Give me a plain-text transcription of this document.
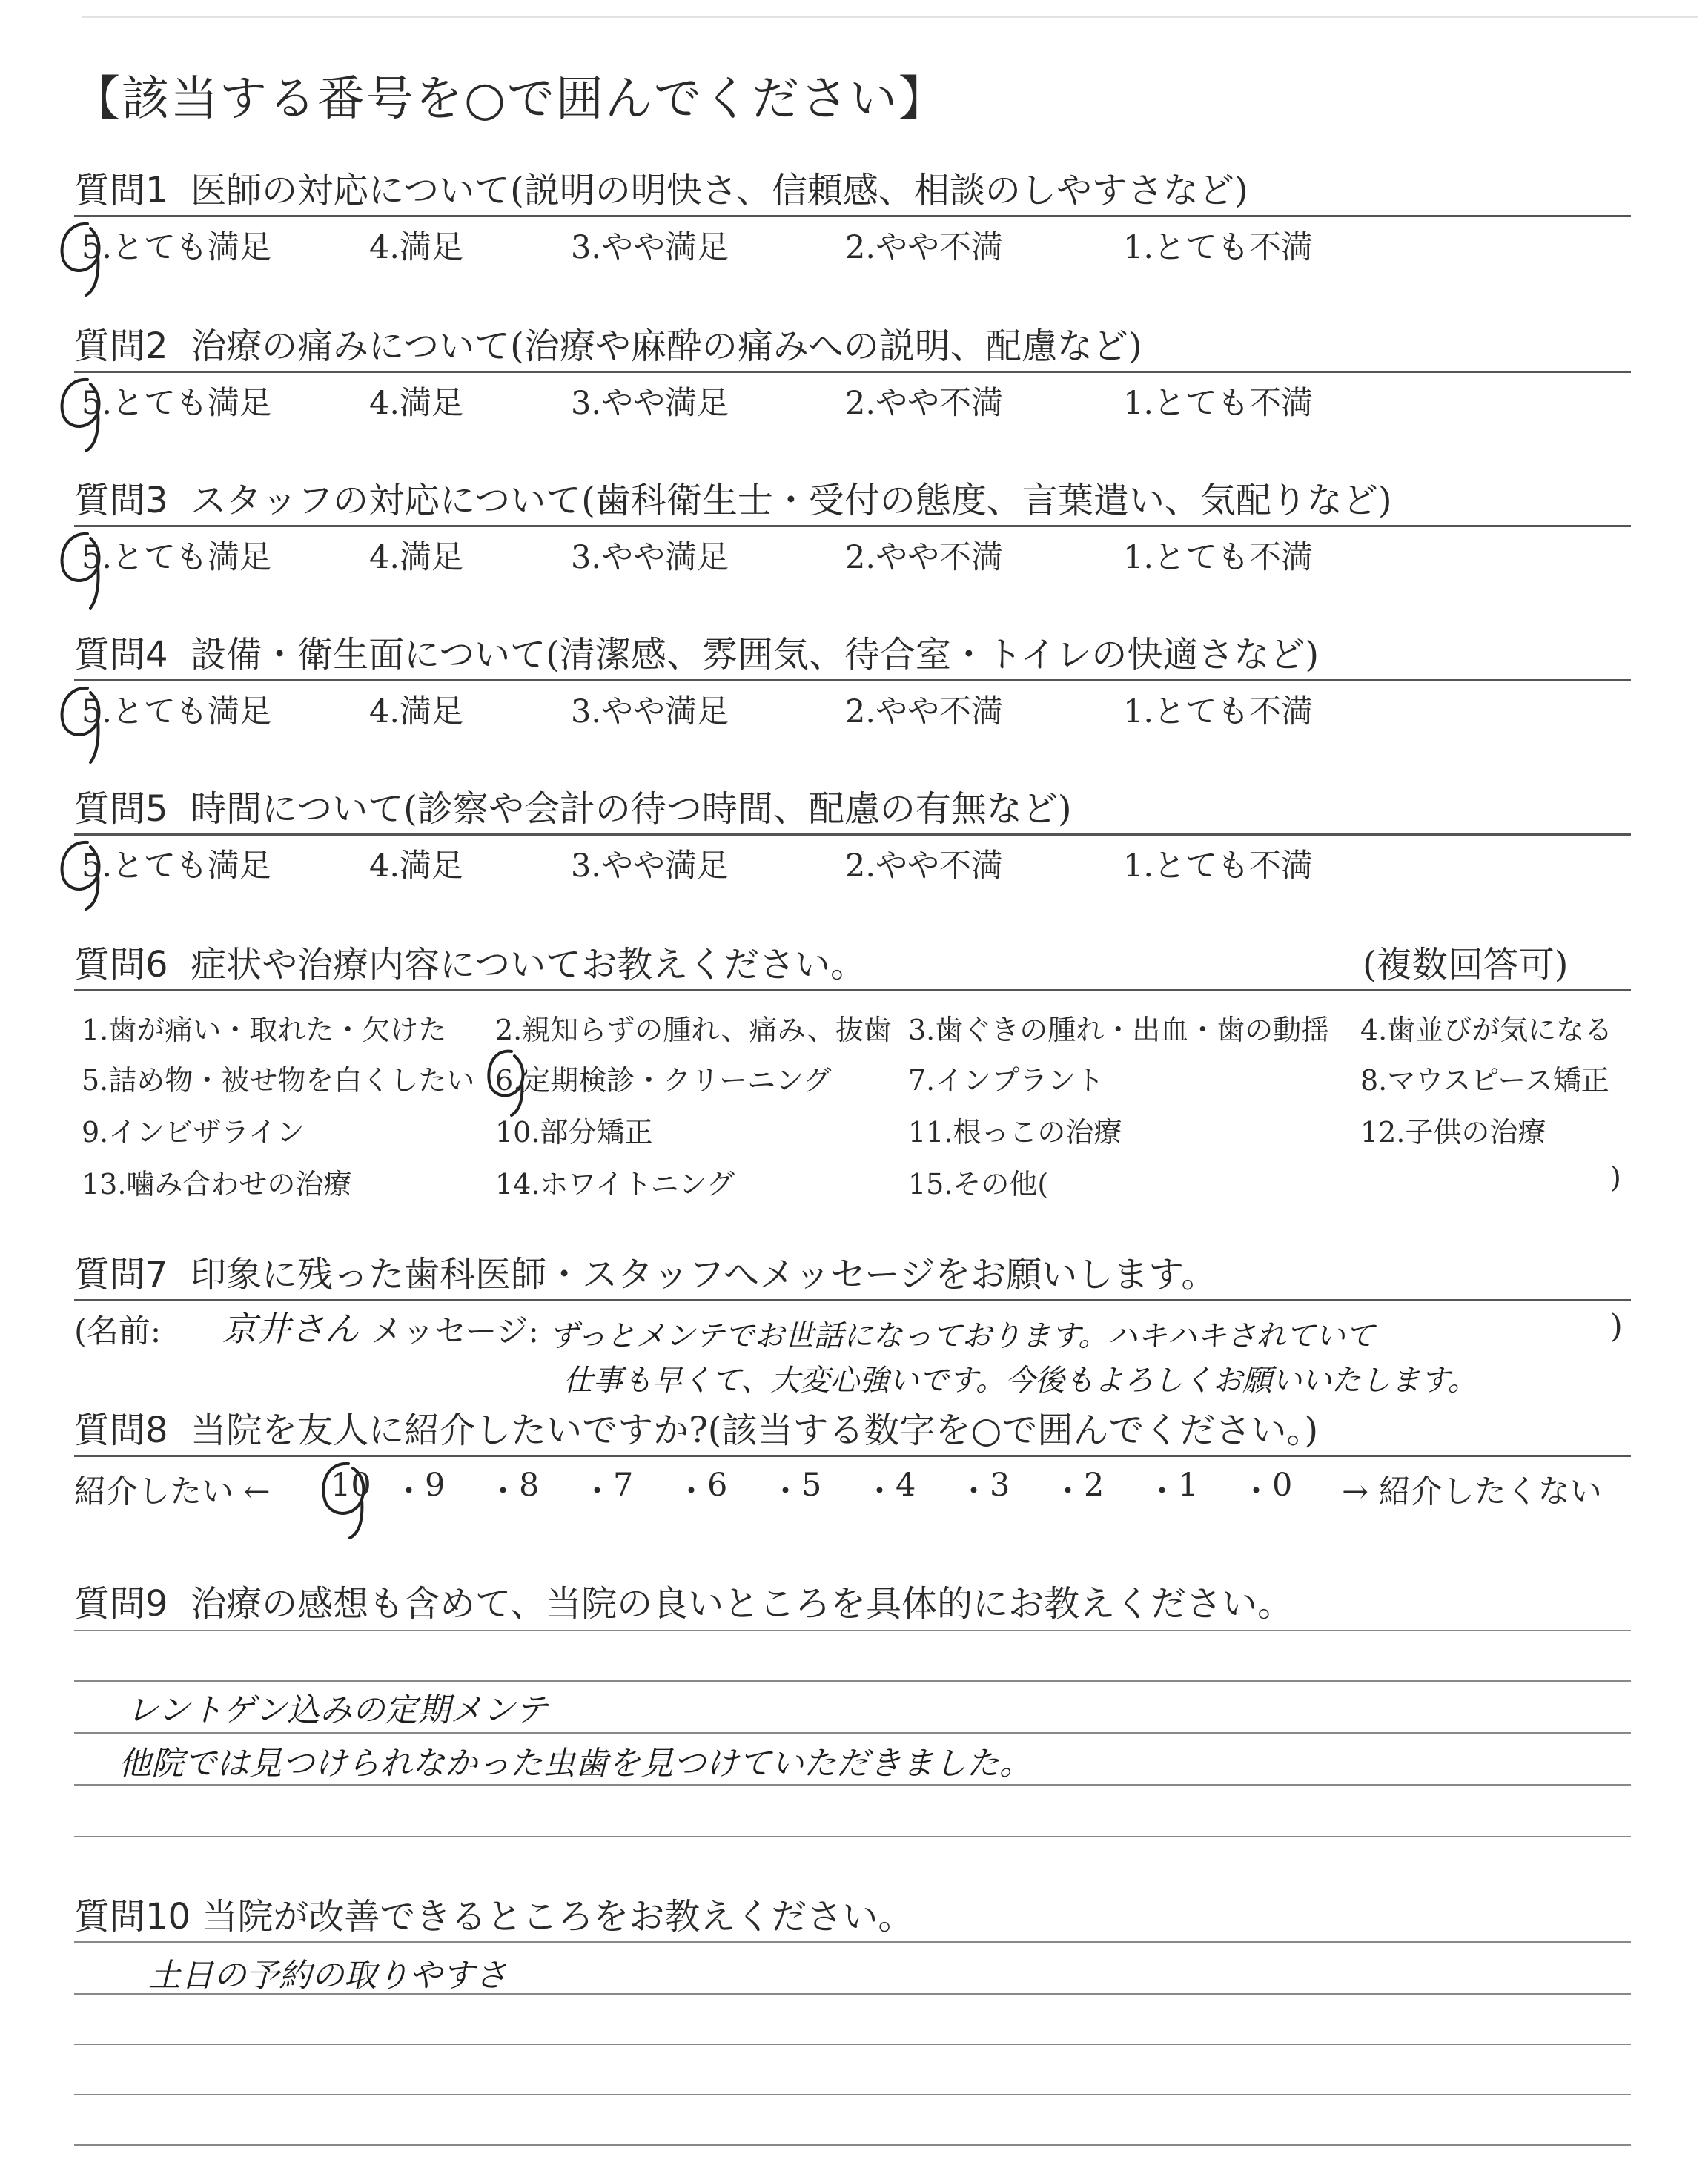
【該当する番号を○で囲んでください】
質問1 医師の対応について(説明の明快さ、信頼感、相談のしやすさなど)
質問2 治療の痛みについて(治療や麻酔の痛みへの説明、配慮など)
質問3 スタッフの対応について(歯科衛生士・受付の態度、言葉遣い、気配りなど)
質問4 設備・衛生面について(清潔感、雰囲気、待合室・トイレの快適さなど)
質問5 時間について(診察や会計の待つ時間、配慮の有無など)
質問6 症状や治療内容についてお教えください。	(複数回答可)
質問7 印象に残った歯科医師・スタッフへメッセージをお願いします。
(名前: 京井さん メッセージ: ずっとメンテでお世話になっております。ハキハキされていて
仕事も早くて、大変心強いです。今後もよろしくお願いいたします。
)
質問8 当院を友人に紹介したいですか?(該当する数字を○で囲んでください。)
紹介したい ←	→ 紹介したくない
質問9 治療の感想も含めて、当院の良いところを具体的にお教えください。
レントゲン込みの定期メンテ
他院では見つけられなかった虫歯を見つけていただきました。
質問10 当院が改善できるところをお教えください。
土日の予約の取りやすさ
5.とても満足	4.満足	3.やや満足	2.やや不満	1.とても不満
5.とても満足	4.満足	3.やや満足	2.やや不満	1.とても不満
5.とても満足	4.満足	3.やや満足	2.やや不満	1.とても不満
5.とても満足	4.満足	3.やや満足	2.やや不満	1.とても不満
5.とても満足	4.満足	3.やや満足	2.やや不満	1.とても不満
1.歯が痛い・取れた・欠けた 2.親知らずの腫れ、痛み、抜歯 3.歯ぐきの腫れ・出血・歯の動揺 4.歯並びが気になる
5.詰め物・被せ物を白くしたい 6.定期検診・クリーニング	7.インプラント	8.マウスピース矯正
9.インビザライン	10.部分矯正	11.根っこの治療	12.子供の治療
13.噛み合わせの治療	14.ホワイトニング	15.その他(	)
10 ・ 9 ・ 8 ・ 7 ・ 6 ・ 5 ・ 4 ・ 3 ・ 2 ・ 1 ・ 0
